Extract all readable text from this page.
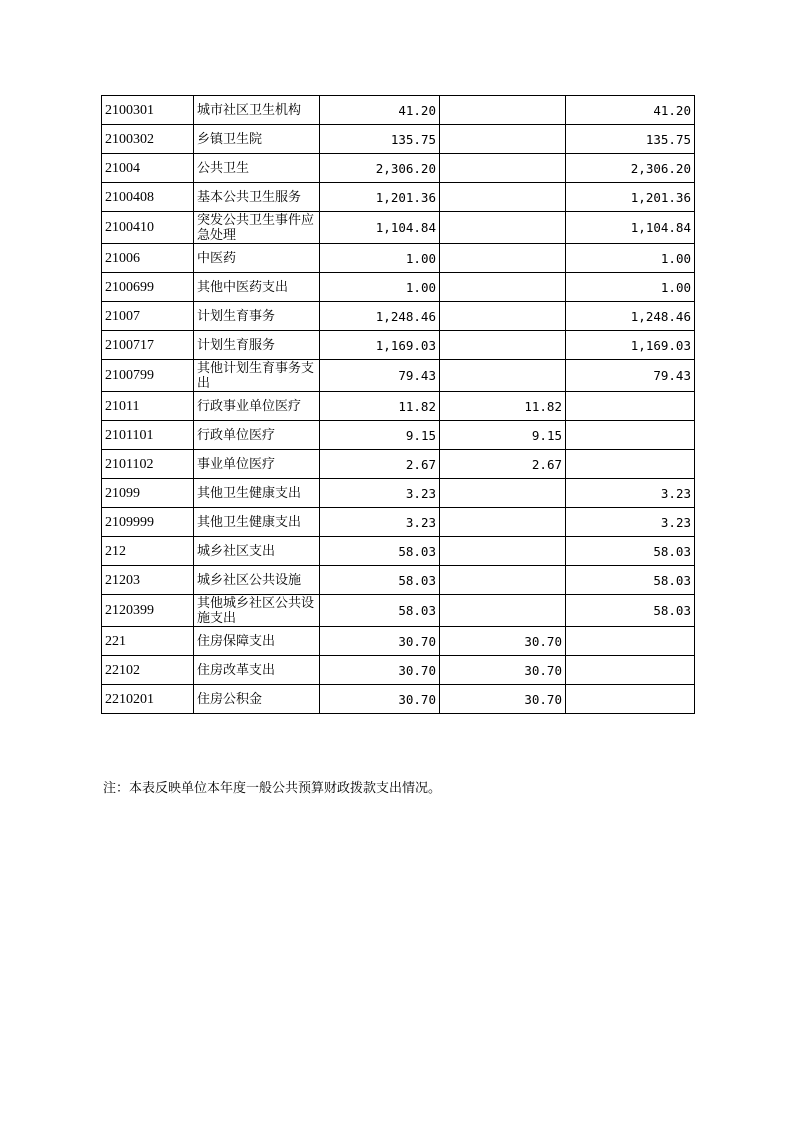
2100301	城市社区卫生机构	41.20		41.20
2100302	乡镇卫生院	135.75		135.75
21004	公共卫生	2,306.20		2,306.20
2100408	基本公共卫生服务	1,201.36		1,201.36
2100410	突发公共卫生事件应急处理	1,104.84		1,104.84
21006	中医药	1.00		1.00
2100699	其他中医药支出	1.00		1.00
21007	计划生育事务	1,248.46		1,248.46
2100717	计划生育服务	1,169.03		1,169.03
2100799	其他计划生育事务支出	79.43		79.43
21011	行政事业单位医疗	11.82	11.82	
2101101	行政单位医疗	9.15	9.15	
2101102	事业单位医疗	2.67	2.67	
21099	其他卫生健康支出	3.23		3.23
2109999	其他卫生健康支出	3.23		3.23
212	城乡社区支出	58.03		58.03
21203	城乡社区公共设施	58.03		58.03
2120399	其他城乡社区公共设施支出	58.03		58.03
221	住房保障支出	30.70	30.70	
22102	住房改革支出	30.70	30.70	
2210201	住房公积金	30.70	30.70	
注：本表反映单位本年度一般公共预算财政拨款支出情况。
